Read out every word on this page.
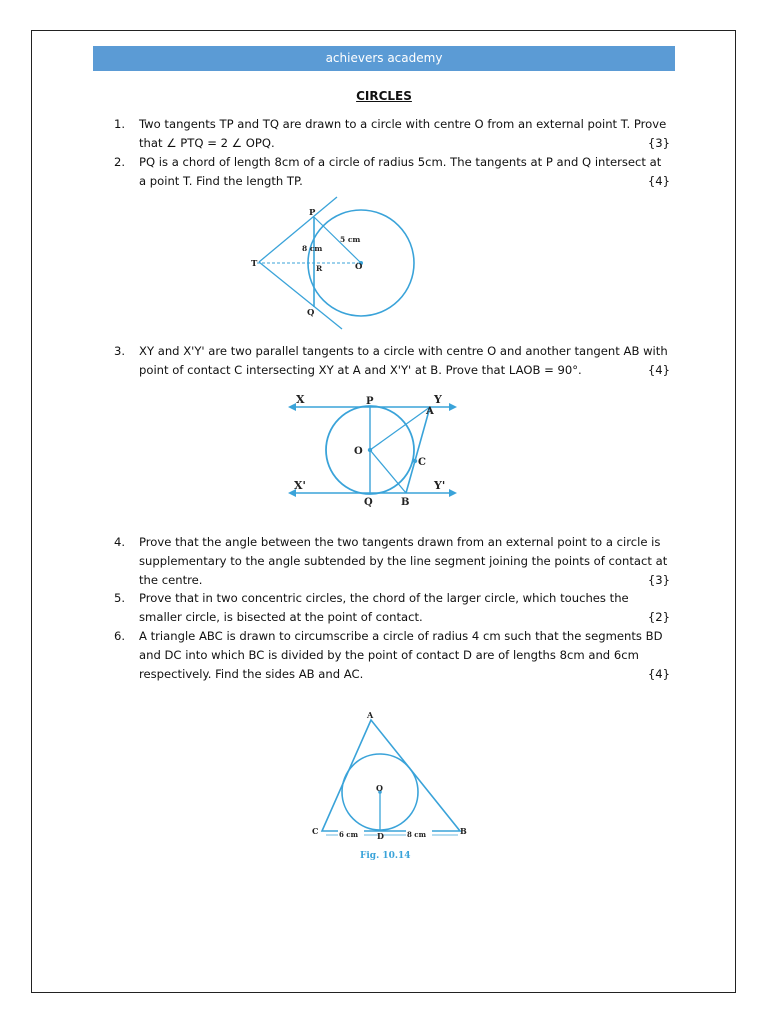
achievers academy
CIRCLES
1.	Two tangents TP and TQ are drawn to a circle with centre O from an external point T. Prove that ∠ PTQ = 2 ∠ OPQ.	{3}
2.	PQ is a chord of length 8cm of a circle of radius 5cm. The tangents at P and Q intersect at a point T. Find the length TP.	{4}
P
Q
T	O
R
8 cm
5 cm
3.	XY and X'Y' are two parallel tangents to a circle with centre O and another tangent AB with point of contact C intersecting XY at A and X'Y' at B. Prove that LAOB = 90°.	{4}
X	Y
X'	Y'
P
Q
O
A
B
C
4.	Prove that the angle between the two tangents drawn from an external point to a circle is supplementary to the angle subtended by the line segment joining the points of contact at the centre.	{3}
5.	Prove that in two concentric circles, the chord of the larger circle, which touches the smaller circle, is bisected at the point of contact.	{2}
6.	A triangle ABC is drawn to circumscribe a circle of radius 4 cm such that the segments BD and DC into which BC is divided by the point of contact D are of lengths 8cm and 6cm respectively. Find the sides AB and AC.	{4}
A
C	B
D
O
6 cm	8 cm
Fig. 10.14
